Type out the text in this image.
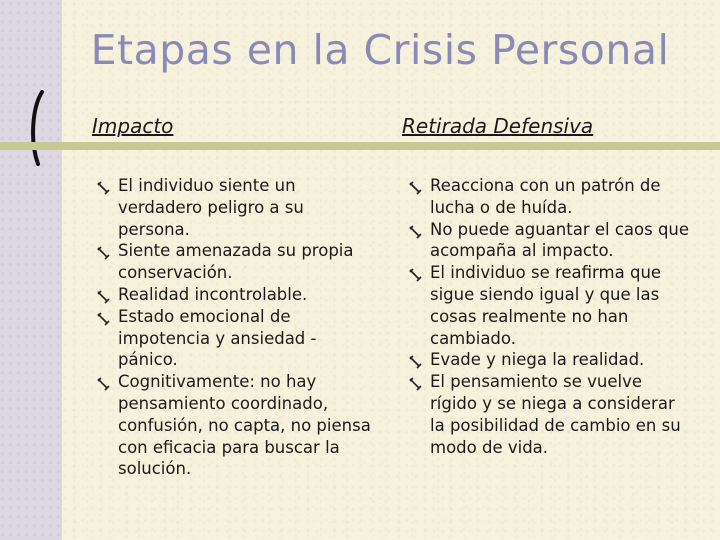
Etapas en la Crisis Personal
Impacto	Retirada Defensiva
El individuo siente un verdadero peligro a su persona.
Siente amenazada su propia conservación.
Realidad incontrolable.
Estado emocional de impotencia y ansiedad - pánico.
Cognitivamente: no hay pensamiento coordinado, confusión, no capta, no piensa con eficacia para buscar la solución.
Reacciona con un patrón de lucha o de huída.
No puede aguantar el caos que acompaña al impacto.
El individuo se reafirma que sigue siendo igual y que las cosas realmente no han cambiado.
Evade y niega la realidad.
El pensamiento se vuelve rígido y se niega a considerar la posibilidad de cambio en su modo de vida.
